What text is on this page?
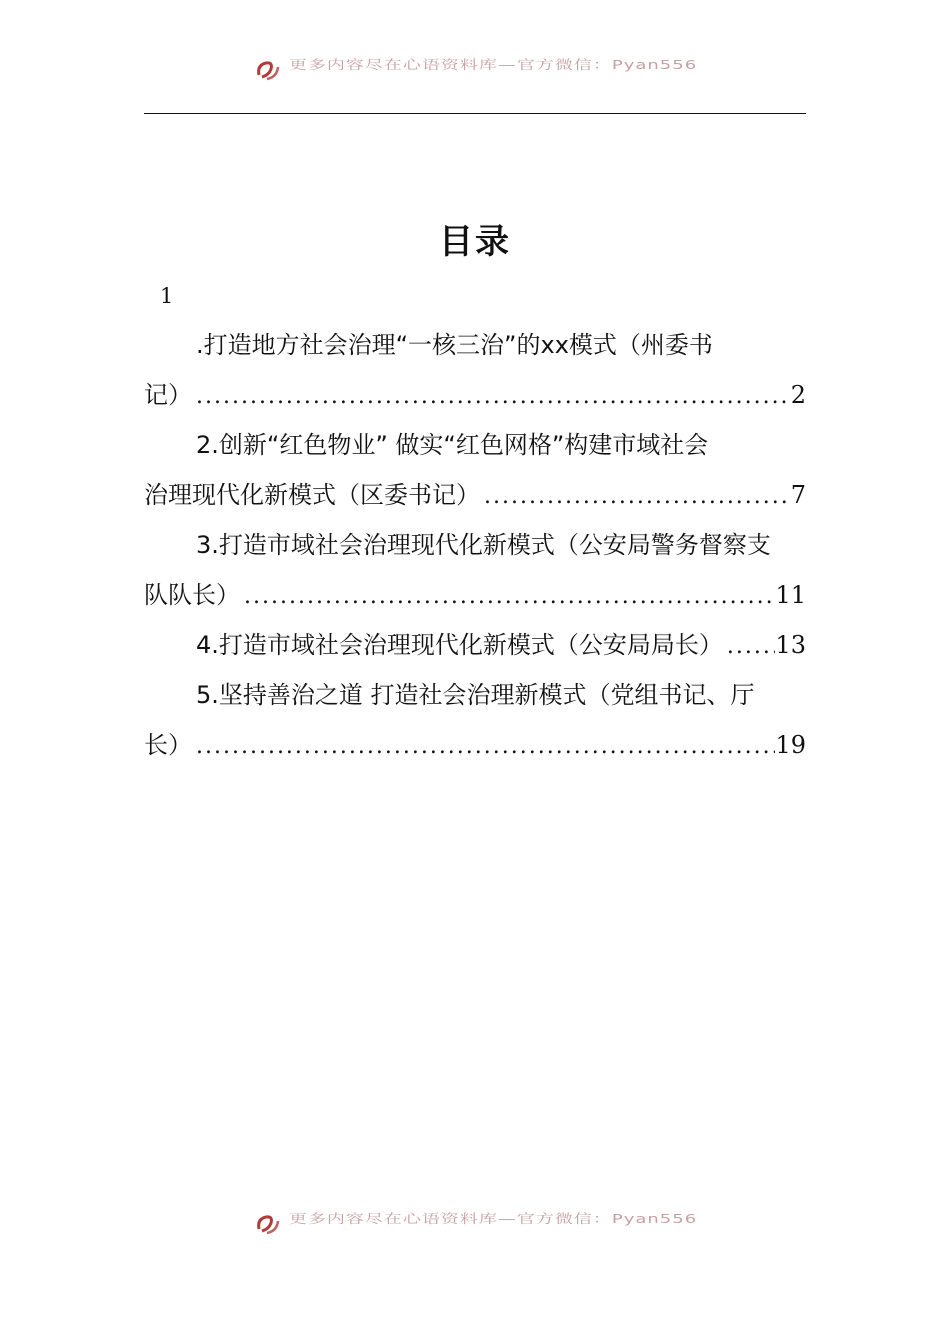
更多内容尽在心语资料库—官方微信：Pyan556
目录
1
.打造地方社会治理“一核三治”的xx模式（州委书
记） .....	2
2.创新“红色物业” 做实“红色网格”构建市域社会
治理现代化新模式（区委书记） .....	7
3.打造市域社会治理现代化新模式（公安局警务督察支
队队长） .....	11
4.打造市域社会治理现代化新模式（公安局局长） ..... 13
5.坚持善治之道 打造社会治理新模式（党组书记、厅
长） .....	19
更多内容尽在心语资料库—官方微信：Pyan556
